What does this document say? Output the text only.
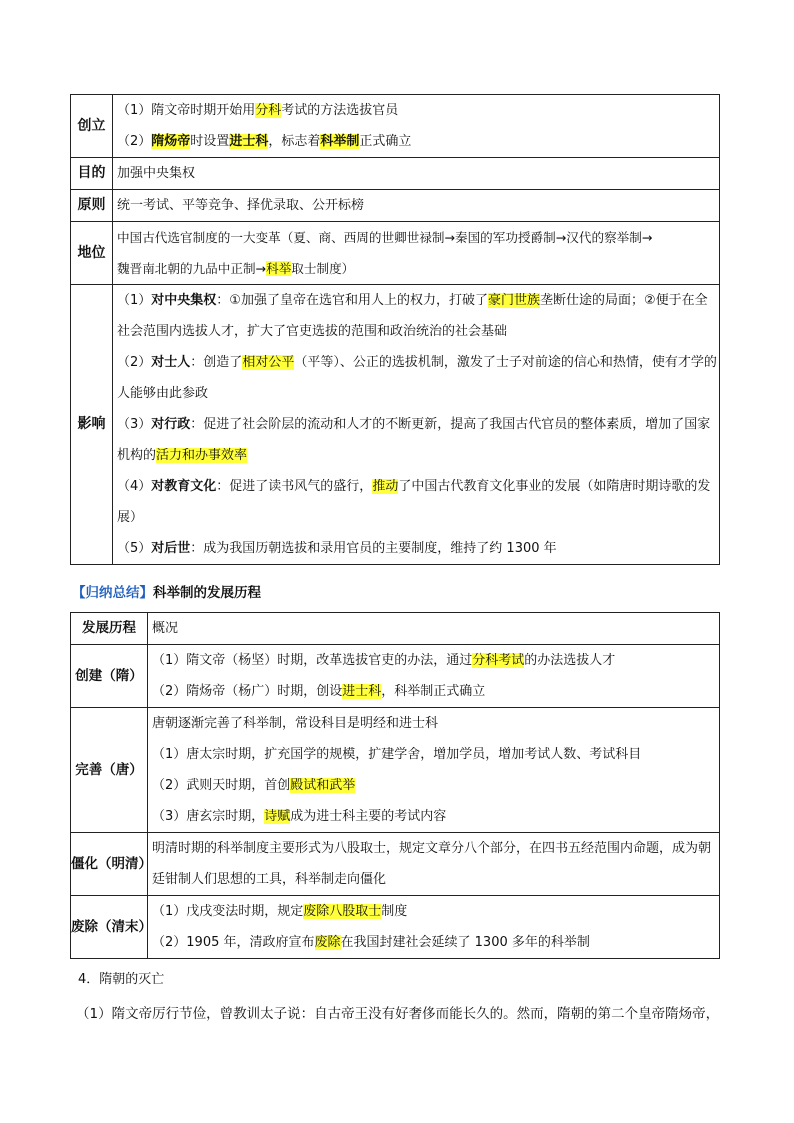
创立	（1）隋文帝时期开始用分科考试的方法选拔官员
（2）隋炀帝时设置进士科，标志着科举制正式确立

目的	加强中央集权
原则	统一考试、平等竞争、择优录取、公开标榜
地位	中国古代选官制度的一大变革（夏、商、西周的世卿世禄制→秦国的军功授爵制→汉代的察举制→
魏晋南北朝的九品中正制→科举取士制度）

影响	（1）对中央集权：①加强了皇帝在选官和用人上的权力，打破了豪门世族垄断仕途的局面；②便于在全社会范围内选拔人才，扩大了官吏选拔的范围和政治统治的社会基础
（2）对士人：创造了相对公平（平等）、公正的选拔机制，激发了士子对前途的信心和热情，使有才学的人能够由此参政
（3）对行政：促进了社会阶层的流动和人才的不断更新，提高了我国古代官员的整体素质，增加了国家机构的活力和办事效率
（4）对教育文化：促进了读书风气的盛行，推动了中国古代教育文化事业的发展（如隋唐时期诗歌的发展）
（5）对后世：成为我国历朝选拔和录用官员的主要制度，维持了约 1300 年
【归纳总结】科举制的发展历程
发展历程	概况
创建（隋）	（1）隋文帝（杨坚）时期，改革选拔官吏的办法，通过分科考试的办法选拔人才
（2）隋炀帝（杨广）时期，创设进士科，科举制正式确立

完善（唐）	唐朝逐渐完善了科举制，常设科目是明经和进士科
（1）唐太宗时期，扩充国学的规模，扩建学舍，增加学员，增加考试人数、考试科目
（2）武则天时期，首创殿试和武举
（3）唐玄宗时期，诗赋成为进士科主要的考试内容

僵化（明清）	明清时期的科举制度主要形式为八股取士，规定文章分八个部分，在四书五经范围内命题，成为朝廷钳制人们思想的工具，科举制走向僵化
废除（清末）	（1）戊戌变法时期，规定废除八股取士制度
（2）1905 年，清政府宣布废除在我国封建社会延续了 1300 多年的科举制
4．隋朝的灭亡
（1）隋文帝厉行节俭，曾教训太子说：自古帝王没有好奢侈而能长久的。然而，隋朝的第二个皇帝隋炀帝，
